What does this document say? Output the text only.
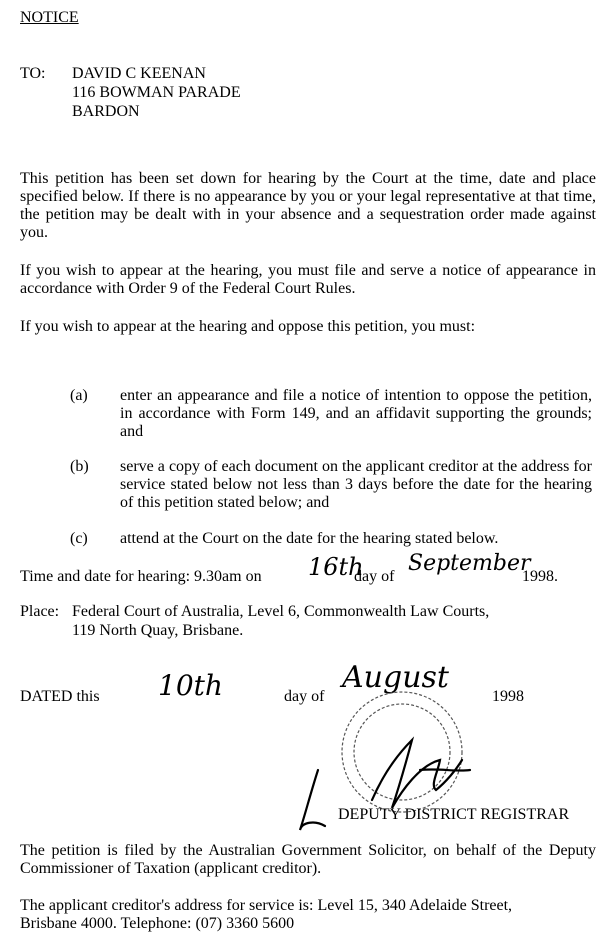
NOTICE
TO: DAVID C KEENAN
116 BOWMAN PARADE
BARDON
This petition has been set down for hearing by the Court at the time, date and place specified below. If there is no appearance by you or your legal representative at that time, the petition may be dealt with in your absence and a sequestration order made against you.
If you wish to appear at the hearing, you must file and serve a notice of appearance in accordance with Order 9 of the Federal Court Rules.
If you wish to appear at the hearing and oppose this petition, you must:
(a) enter an appearance and file a notice of intention to oppose the petition, in accordance with Form 149, and an affidavit supporting the grounds; and
(b) serve a copy of each document on the applicant creditor at the address for service stated below not less than 3 days before the date for the hearing of this petition stated below; and
(c) attend at the Court on the date for the hearing stated below.
Time and date for hearing: 9.30am on 16th
day of
September
1998.
Place: Federal Court of Australia, Level 6, Commonwealth Law Courts,
119 North Quay, Brisbane.
DATED this 10th	day of
August
1998
DEPUTY DISTRICT REGISTRAR
The petition is filed by the Australian Government Solicitor, on behalf of the Deputy Commissioner of Taxation (applicant creditor).
The applicant creditor's address for service is: Level 15, 340 Adelaide Street,
Brisbane 4000. Telephone: (07) 3360 5600
